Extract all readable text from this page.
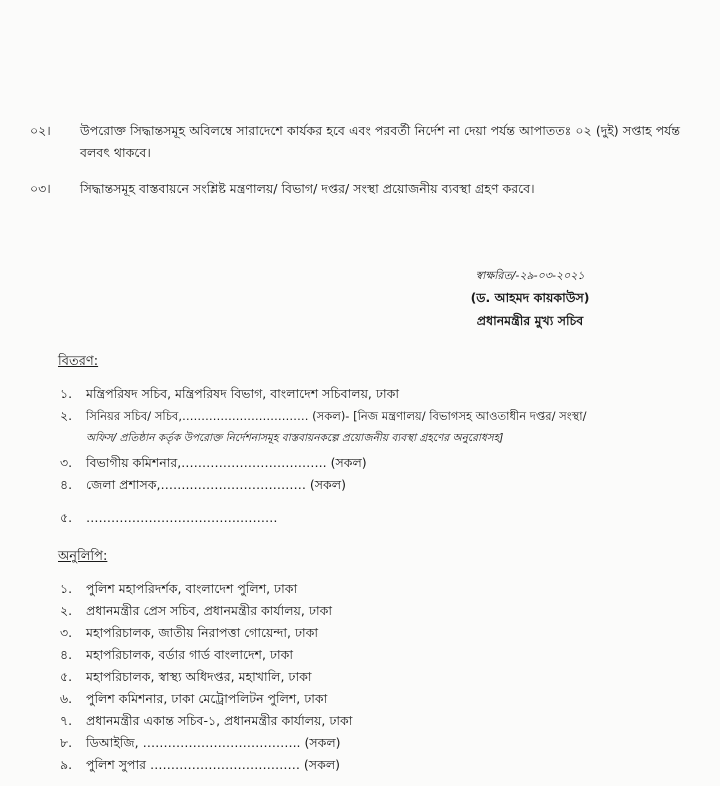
০২। উপরোক্ত সিদ্ধান্তসমূহ অবিলম্বে সারাদেশে কার্যকর হবে এবং পরবর্তী নির্দেশ না দেয়া পর্যন্ত আপাততঃ ০২ (দুই) সপ্তাহ পর্যন্ত বলবৎ থাকবে।
০৩। সিদ্ধান্তসমূহ বাস্তবায়নে সংশ্লিষ্ট মন্ত্রণালয়/ বিভাগ/ দপ্তর/ সংস্থা প্রয়োজনীয় ব্যবস্থা গ্রহণ করবে।
স্বাক্ষরিত/-২৯-০৩-২০২১
(ড. আহমদ কায়কাউস)
প্রধানমন্ত্রীর মুখ্য সচিব
বিতরণ:
১. মন্ত্রিপরিষদ সচিব, মন্ত্রিপরিষদ বিভাগ, বাংলাদেশ সচিবালয়, ঢাকা
২. সিনিয়র সচিব/ সচিব,…………………………… (সকল)- [নিজ মন্ত্রণালয়/ বিভাগসহ আওতাধীন দপ্তর/ সংস্থা/
অফিস/ প্রতিষ্ঠান কর্তৃক উপরোক্ত নির্দেশনাসমূহ বাস্তবায়নকল্পে প্রয়োজনীয় ব্যবস্থা গ্রহণের অনুরোধসহ]
৩. বিভাগীয় কমিশনার,…………………………….. (সকল)
৪. জেলা প্রশাসক,……..……………………… (সকল)
৫. ……………………………….………
অনুলিপি:
১. পুলিশ মহাপরিদর্শক, বাংলাদেশ পুলিশ, ঢাকা
২. প্রধানমন্ত্রীর প্রেস সচিব, প্রধানমন্ত্রীর কার্যালয়, ঢাকা
৩. মহাপরিচালক, জাতীয় নিরাপত্তা গোয়েন্দা, ঢাকা
৪. মহাপরিচালক, বর্ডার গার্ড বাংলাদেশ, ঢাকা
৫. মহাপরিচালক, স্বাস্থ্য অধিদপ্তর, মহাখালি, ঢাকা
৬. পুলিশ কমিশনার, ঢাকা মেট্রোপলিটন পুলিশ, ঢাকা
৭. প্রধানমন্ত্রীর একান্ত সচিব-১, প্রধানমন্ত্রীর কার্যালয়, ঢাকা
৮. ডিআইজি, ……………………………….. (সকল)
৯. পুলিশ সুপার ……………………………… (সকল)
